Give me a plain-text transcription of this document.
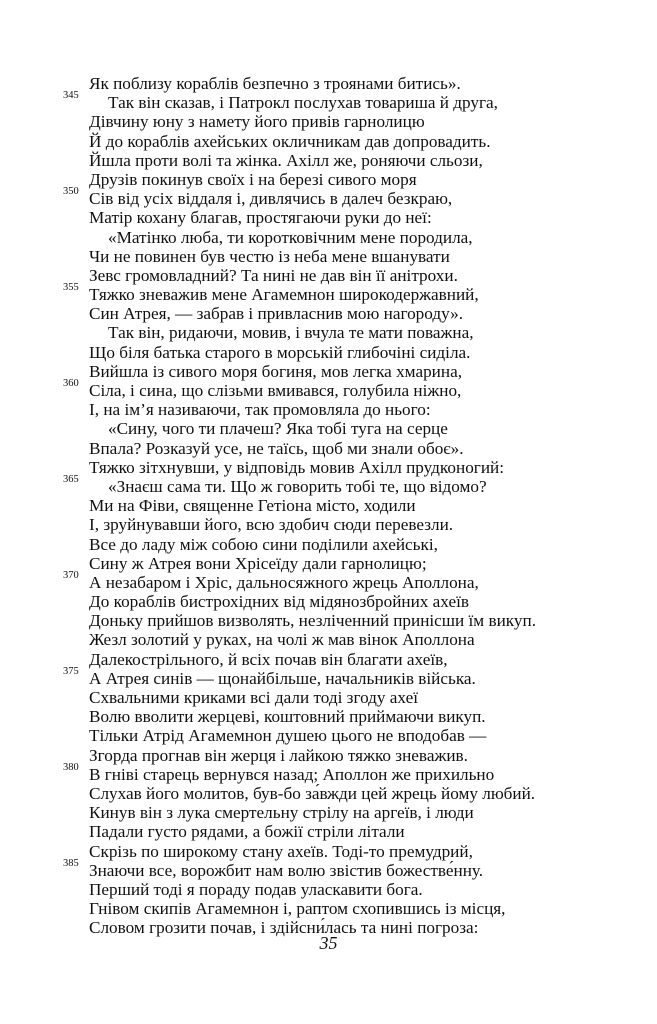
Як поблизу кораблів безпечно з троянами битись».
345 Так він сказав, і Патрокл послухав товариша й друга,
Дівчину юну з намету його привів гарнолицю
Й до кораблів ахейських окличникам дав допровадить.
Йшла проти волі та жінка. Ахілл же, роняючи сльози,
Друзів покинув своїх і на березі сивого моря
350 Сів від усіх віддаля і, дивлячись в далеч безкраю,
Матір кохану благав, простягаючи руки до неї:
«Матінко люба, ти коротковічним мене породила,
Чи не повинен був честю із неба мене вшанувати
Зевс громовладний? Та нині не дав він її анітрохи.
355 Тяжко зневажив мене Агамемнон широкодержавний,
Син Атрея, — забрав і привласнив мою нагороду».
Так він, ридаючи, мовив, і вчула те мати поважна,
Що біля батька старого в морській глибочіні сиділа.
Вийшла із сивого моря богиня, мов легка хмарина,
360 Сіла, і сина, що слізьми вмивався, голубила ніжно,
І, на ім’я називаючи, так промовляла до нього:
«Сину, чого ти плачеш? Яка тобі туга на серце
Впала? Розказуй усе, не таїсь, щоб ми знали обоє».
Тяжко зітхнувши, у відповідь мовив Ахілл прудконогий:
365 «Знаєш сама ти. Що ж говорить тобі те, що відомо?
Ми на Фіви, священне Гетіона місто, ходили
І, зруйнувавши його, всю здобич сюди перевезли.
Все до ладу між собою сини поділили ахейські,
Сину ж Атрея вони Хрісеїду дали гарнолицю;
370 А незабаром і Хріс, дальносяжного жрець Аполлона,
До кораблів бистрохідних від мідянозбройних ахеїв
Доньку прийшов визволять, незліченний принісши їм викуп.
Жезл золотий у руках, на чолі ж мав вінок Аполлона
Далекострільного, й всіх почав він благати ахеїв,
375 А Атрея синів — щонайбільше, начальників війська.
Схвальними криками всі дали тоді згоду ахеї
Волю вволити жерцеві, коштовний приймаючи викуп.
Тільки Атрід Агамемнон душею цього не вподобав —
Згорда прогнав він жерця і лайкою тяжко зневажив.
380 В гніві старець вернувся назад; Аполлон же прихильно
Слухав його молитов, був-бо за́вжди цей жрець йому любий.
Кинув він з лука смертельну стрілу на аргеїв, і люди
Падали густо рядами, а божії стріли літали
Скрізь по широкому стану ахеїв. Тоді-то премудрий,
385 Знаючи все, ворожбит нам волю звістив божестве́нну.
Перший тоді я пораду подав уласкавити бога.
Гнівом скипів Агамемнон і, раптом схопившись із місця,
Словом грозити почав, і здійсни́лась та нині погроза:
35
